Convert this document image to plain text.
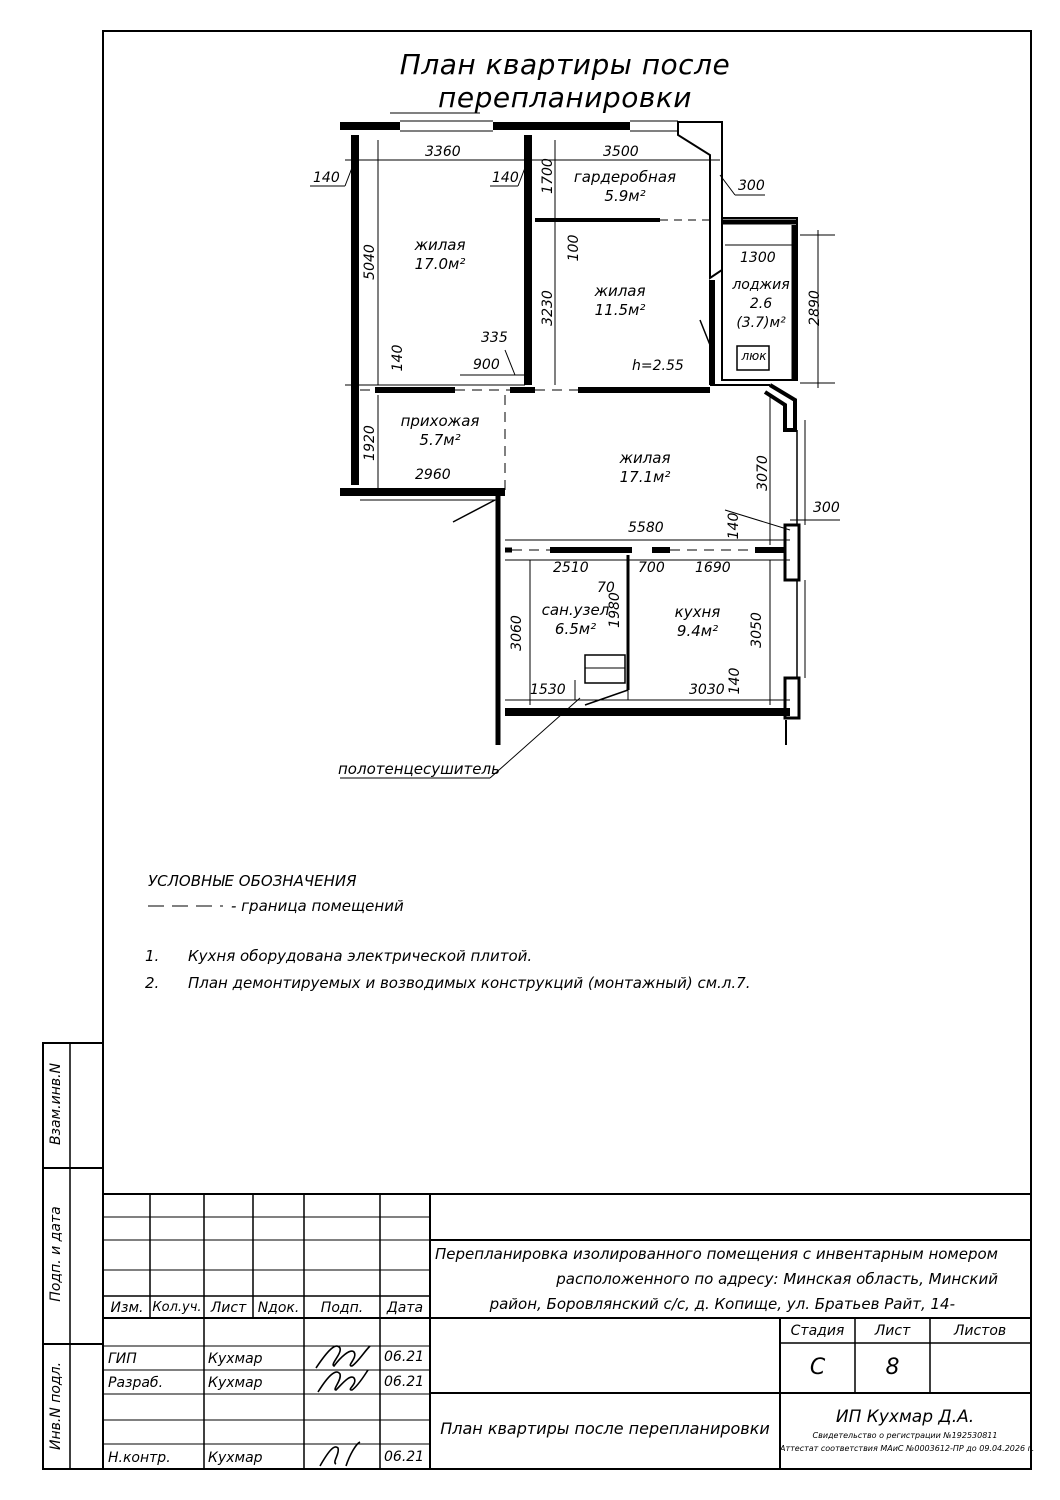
План квартиры после перепланировки
гардеробная
5.9м²
жилая
17.0м²
жилая
11.5м²
лоджия
2.6
(3.7)м²
люк
h=2.55
прихожая
5.7м²
жилая
17.1м²
сан.узел
6.5м²
кухня
9.4м²
полотенцесушитель
3360	3500
140	140 1700	300
5040	1300
100
3230	2890
335
900
140
1920
2960	3070
300
5580	140
2510	700 1690
70
1980
3060	3050
1530	3030 140
УСЛОВНЫЕ ОБОЗНАЧЕНИЯ
- граница помещений
1. Кухня оборудована электрической плитой.
2. План демонтируемых и возводимых конструкций (монтажный) см.л.7.
Взам.инв.N
Подп. и дата
Инв.N подл.
Изм. Кол.уч. Лист Nдок.	Подп.	Дата
ГИП	Кухмар	06.21
Разраб.	Кухмар	06.21
Н.контр.	Кухмар	06.21
Перепланировка изолированного помещения с инвентарным номером
расположенного по адресу: Минская область, Минский
район, Боровлянский с/с, д. Копище, ул. Братьев Райт, 14-
Стадия	Лист	Листов
С	8
План квартиры после перепланировки
ИП Кухмар Д.А.
Свидетельство о регистрации №192530811
Аттестат соответствия МАиС №0003612-ПР до 09.04.2026 г.
